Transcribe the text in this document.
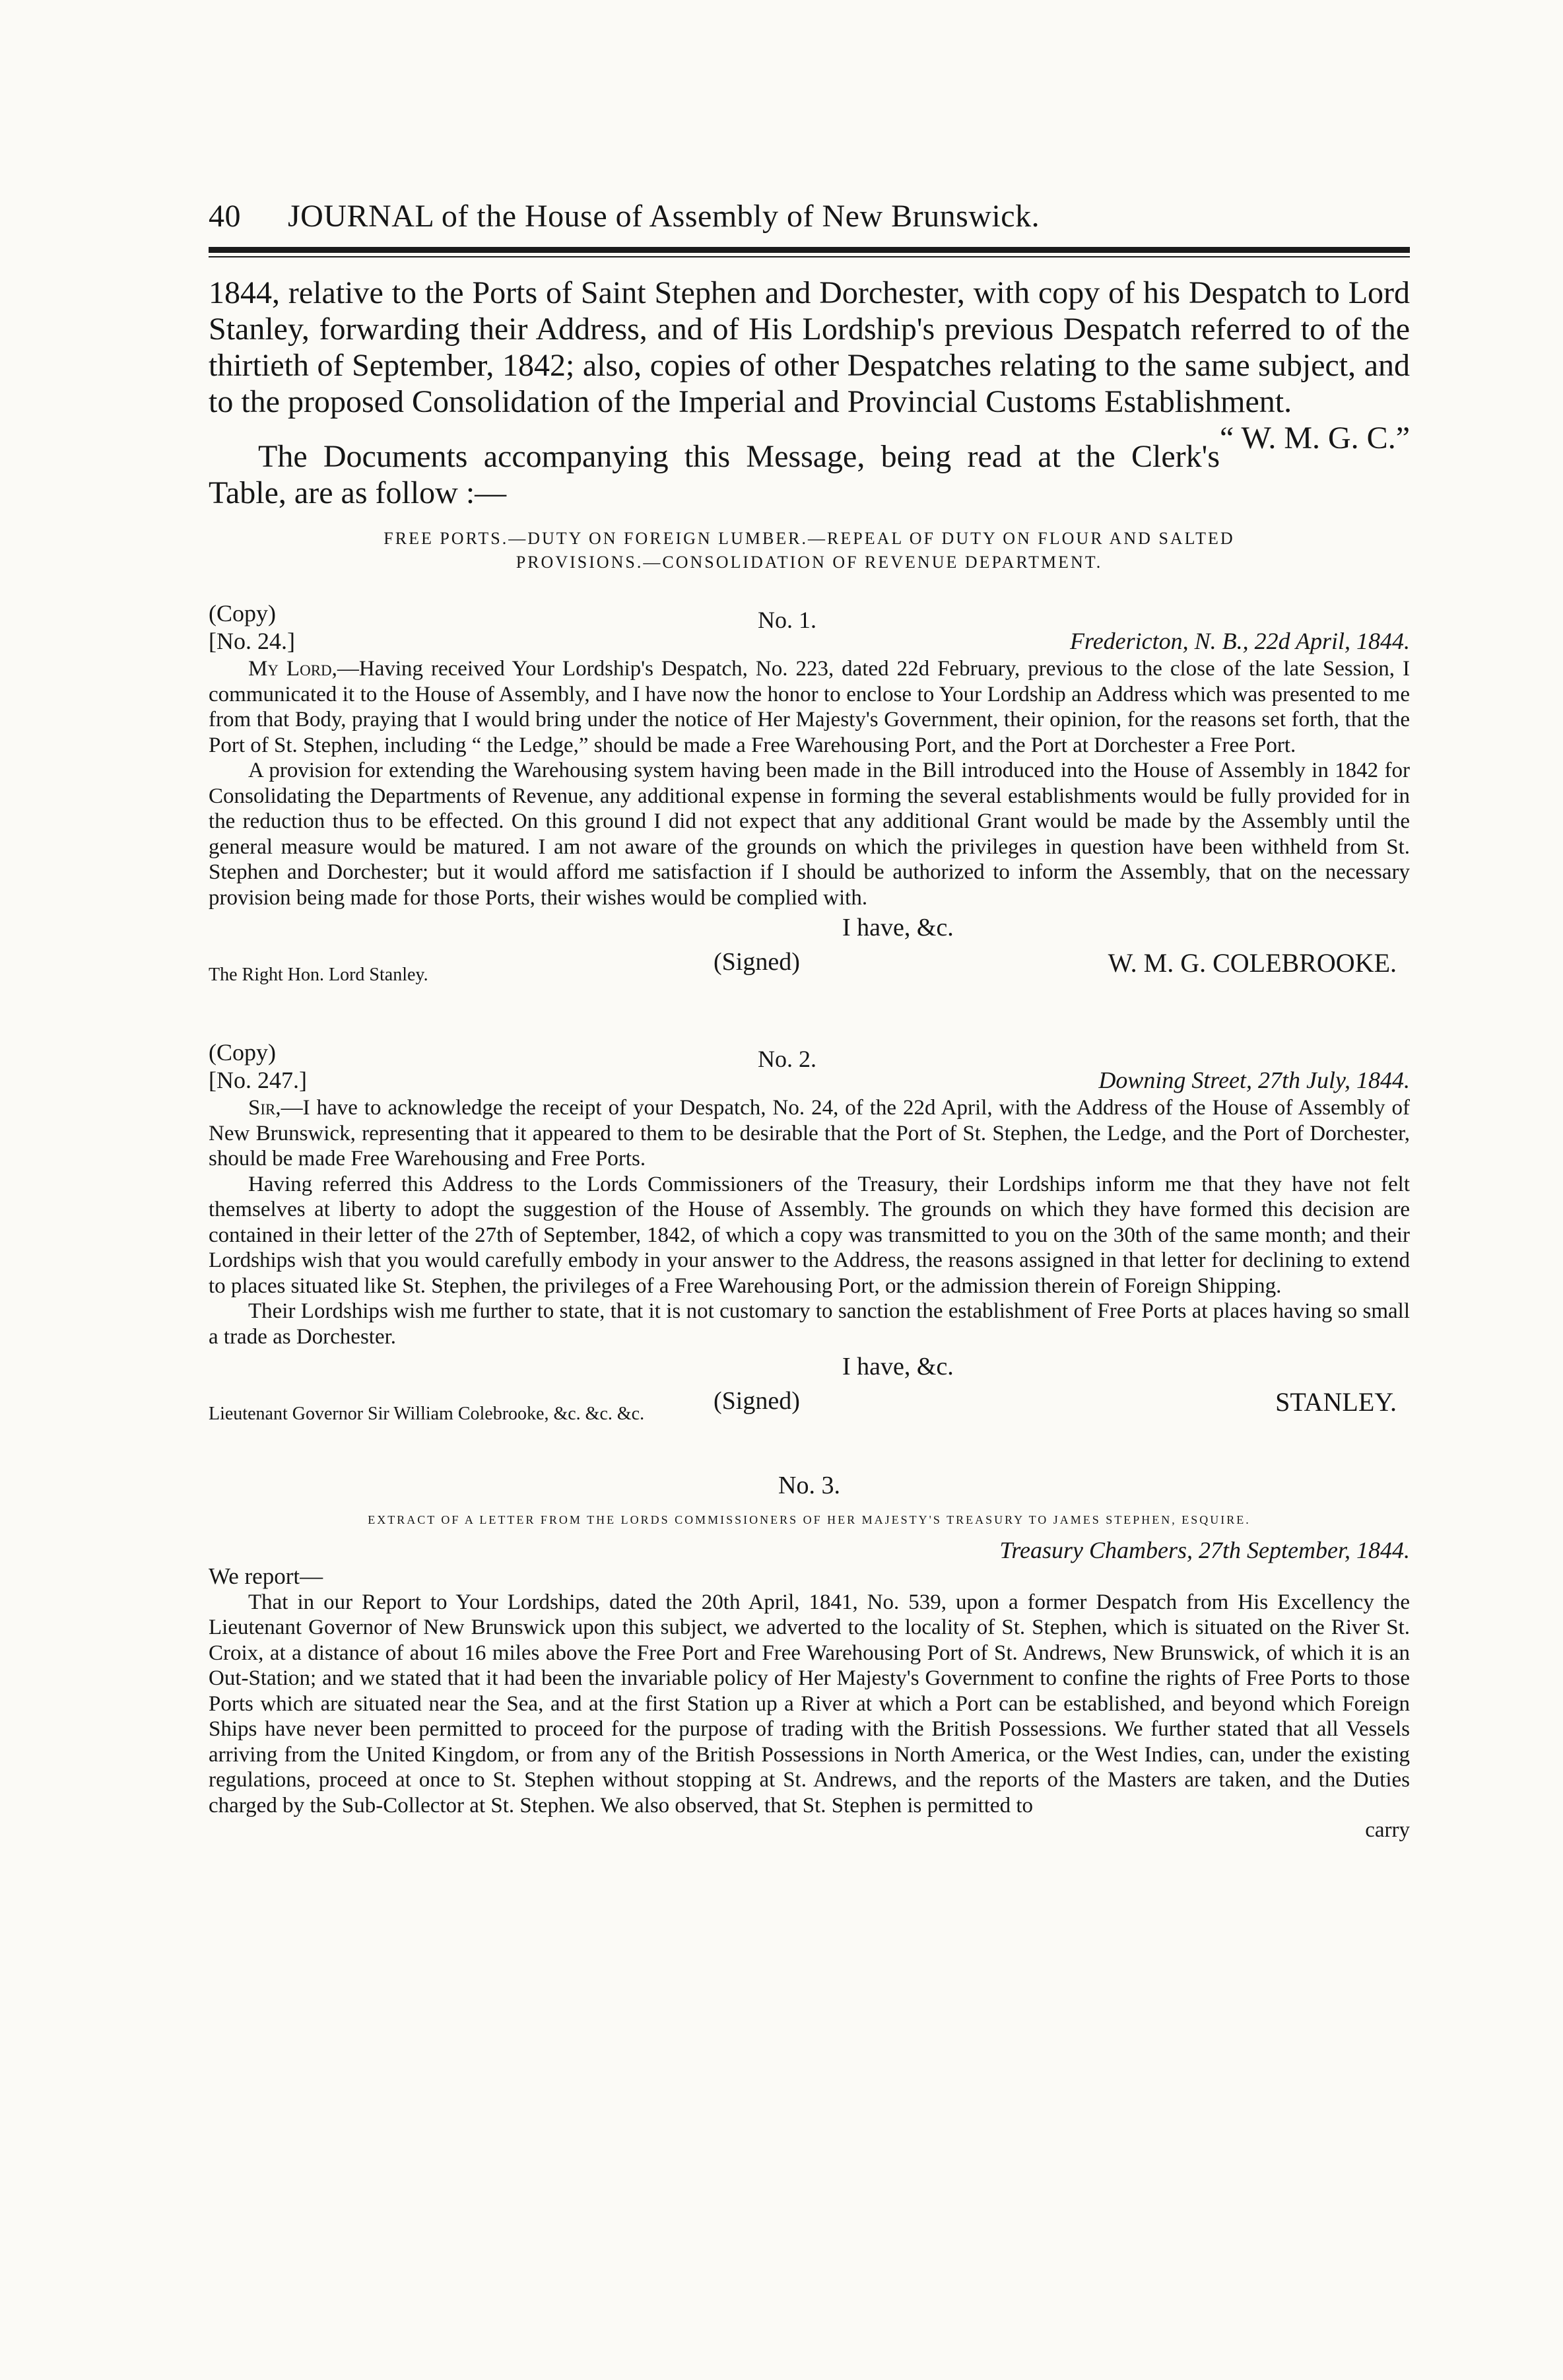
40	JOURNAL of the House of Assembly of New Brunswick.

1844, relative to the Ports of Saint Stephen and Dorchester, with copy of his Despatch to Lord Stanley, forwarding their Address, and of His Lordship's previous Despatch referred to of the thirtieth of September, 1842; also, copies of other Despatches relating to the same subject, and to the proposed Consolidation of the Imperial and Provincial Customs Establishment.
“ W. M. G. C.”

The Documents accompanying this Message, being read at the Clerk's Table, are as follow :—

FREE PORTS.—DUTY ON FOREIGN LUMBER.—REPEAL OF DUTY ON FLOUR AND SALTED
PROVISIONS.—CONSOLIDATION OF REVENUE DEPARTMENT.
(Copy)
[No. 24.]
No. 1.
Fredericton, N. B., 22d April, 1844.

My Lord,—Having received Your Lordship's Despatch, No. 223, dated 22d February, previous to the close of the late Session, I communicated it to the House of Assembly, and I have now the honor to enclose to Your Lordship an Address which was presented to me from that Body, praying that I would bring under the notice of Her Majesty's Government, their opinion, for the reasons set forth, that the Port of St. Stephen, including “ the Ledge,” should be made a Free Warehousing Port, and the Port at Dorchester a Free Port.

A provision for extending the Warehousing system having been made in the Bill introduced into the House of Assembly in 1842 for Consolidating the Departments of Revenue, any additional expense in forming the several establishments would be fully provided for in the reduction thus to be effected. On this ground I did not expect that any additional Grant would be made by the Assembly until the general measure would be matured. I am not aware of the grounds on which the privileges in question have been withheld from St. Stephen and Dorchester; but it would afford me satisfaction if I should be authorized to inform the Assembly, that on the necessary provision being made for those Ports, their wishes would be complied with.

I have, &c.
(Signed)	W. M. G. COLEBROOKE.
The Right Hon. Lord Stanley.
(Copy)
[No. 247.]
No. 2.
Downing Street, 27th July, 1844.

Sir,—I have to acknowledge the receipt of your Despatch, No. 24, of the 22d April, with the Address of the House of Assembly of New Brunswick, representing that it appeared to them to be desirable that the Port of St. Stephen, the Ledge, and the Port of Dorchester, should be made Free Warehousing and Free Ports.

Having referred this Address to the Lords Commissioners of the Treasury, their Lordships inform me that they have not felt themselves at liberty to adopt the suggestion of the House of Assembly. The grounds on which they have formed this decision are contained in their letter of the 27th of September, 1842, of which a copy was transmitted to you on the 30th of the same month; and their Lordships wish that you would carefully embody in your answer to the Address, the reasons assigned in that letter for declining to extend to places situated like St. Stephen, the privileges of a Free Warehousing Port, or the admission therein of Foreign Shipping.

Their Lordships wish me further to state, that it is not customary to sanction the establishment of Free Ports at places having so small a trade as Dorchester.

I have, &c.
(Signed)	STANLEY.
Lieutenant Governor Sir William Colebrooke, &c. &c. &c.
No. 3.
EXTRACT OF A LETTER FROM THE LORDS COMMISSIONERS OF HER MAJESTY'S TREASURY TO JAMES STEPHEN, ESQUIRE.
Treasury Chambers, 27th September, 1844.

We report—

That in our Report to Your Lordships, dated the 20th April, 1841, No. 539, upon a former Despatch from His Excellency the Lieutenant Governor of New Brunswick upon this subject, we adverted to the locality of St. Stephen, which is situated on the River St. Croix, at a distance of about 16 miles above the Free Port and Free Warehousing Port of St. Andrews, New Brunswick, of which it is an Out-Station; and we stated that it had been the invariable policy of Her Majesty's Government to confine the rights of Free Ports to those Ports which are situated near the Sea, and at the first Station up a River at which a Port can be established, and beyond which Foreign Ships have never been permitted to proceed for the purpose of trading with the British Possessions. We further stated that all Vessels arriving from the United Kingdom, or from any of the British Possessions in North America, or the West Indies, can, under the existing regulations, proceed at once to St. Stephen without stopping at St. Andrews, and the reports of the Masters are taken, and the Duties charged by the Sub-Collector at St. Stephen. We also observed, that St. Stephen is permitted to

carry
